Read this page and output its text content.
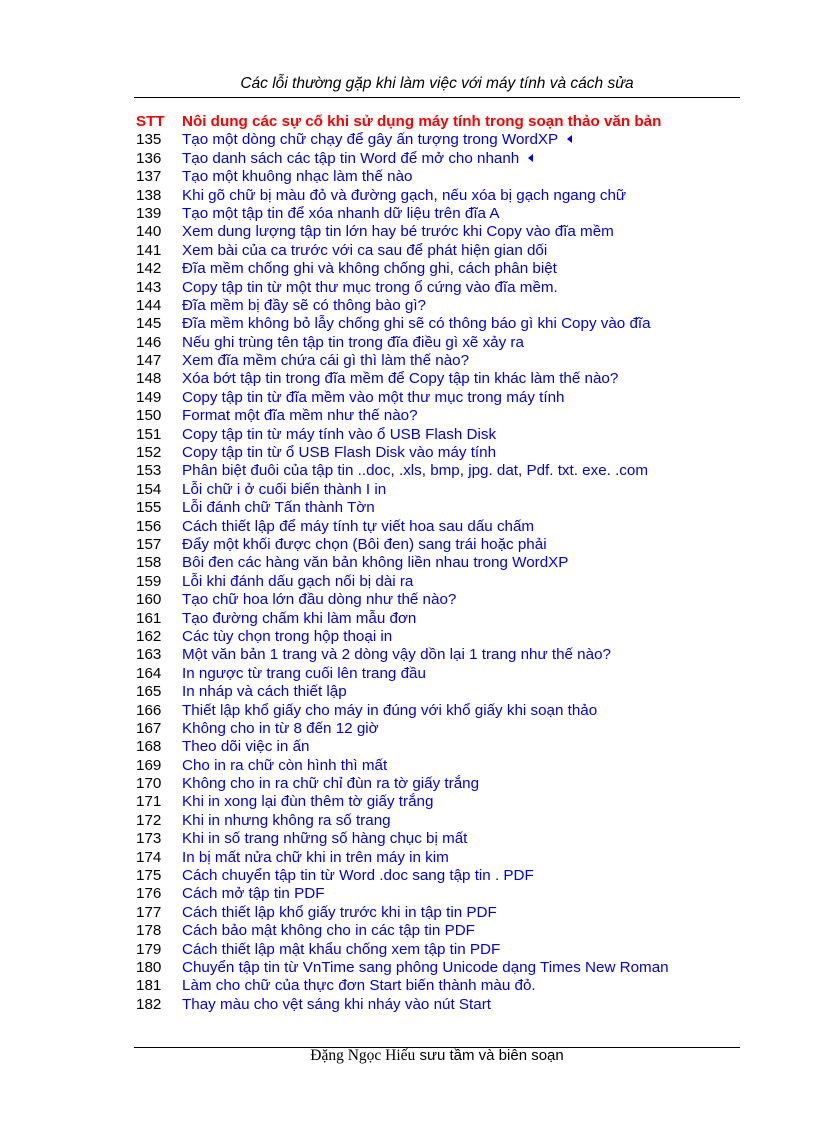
Các lỗi thường gặp khi làm việc với máy tính và cách sửa
STT	Nôi dung các sự cố khi sử dụng máy tính trong soạn thảo văn bản
135	Tạo một dòng chữ chạy để gây ấn tượng trong WordXP
136	Tạo danh sách các tập tin Word để mở cho nhanh
137	Tạo một khuông nhạc làm thế nào
138	Khi gõ chữ bị màu đỏ và đường gạch, nếu xóa bị gạch ngang chữ
139	Tạo một tập tin để xóa nhanh dữ liệu trên đĩa A
140	Xem dung lượng tập tin lớn hay bé trước khi Copy vào đĩa mềm
141	Xem bài của ca trước với ca sau để phát hiện gian dối
142	Đĩa mềm chống ghi và không chống ghi, cách phân biệt
143	Copy tập tin từ một thư mục trong ổ cứng vào đĩa mềm.
144	Đĩa mềm bị đầy sẽ có thông bào gì?
145	Đĩa mềm không bỏ lẫy chống ghi sẽ có thông báo gì khi Copy vào đĩa
146	Nếu ghi trùng tên tập tin trong đĩa điều gì xẽ xảy ra
147	Xem đĩa mềm chứa cái gì thì làm thế nào?
148	Xóa bớt tập tin trong đĩa mềm để Copy tập tin khác làm thế nào?
149	Copy tập tin từ đĩa mềm vào một thư mục trong máy tính
150	Format một đĩa mềm như thế nào?
151	Copy tập tin từ máy tính vào ổ USB Flash Disk
152	Copy tập tin từ ổ USB Flash Disk vào máy tính
153	Phân biệt đuôi của tập tin ..doc, .xls, bmp, jpg. dat, Pdf. txt. exe. .com
154	Lỗi chữ i ở cuối biến thành I in
155	Lỗi đánh chữ Tấn thành Tờn
156	Cách thiết lập để máy tính tự viết hoa sau dấu chấm
157	Đẩy một khối được chọn (Bôi đen) sang trái hoặc phải
158	Bôi đen các hàng văn bản không liền nhau trong WordXP
159	Lỗi khi đánh dấu gạch nối bị dài ra
160	Tạo chữ hoa lớn đầu dòng như thế nào?
161	Tạo đường chấm khi làm mẫu đơn
162	Các tùy chọn trong hộp thoại in
163	Một văn bản 1 trang và 2 dòng vậy dồn lại 1 trang như thế nào?
164	In ngược từ trang cuối lên trang đầu
165	In nháp và cách thiết lập
166	Thiết lập khổ giấy cho máy in đúng với khổ giấy khi soạn thảo
167	Không cho in từ 8 đến 12 giờ
168	Theo dõi việc in ấn
169	Cho in ra chữ còn hình thì mất
170	Không cho in ra chữ chỉ đùn ra tờ giấy trắng
171	Khi in xong lại đùn thêm tờ giấy trắng
172	Khi in nhưng không ra số trang
173	Khi in số trang những số hàng chục bị mất
174	In bị mất nửa chữ khi in trên máy in kim
175	Cách chuyển tập tin từ Word .doc sang tập tin . PDF
176	Cách mở tập tin PDF
177	Cách thiết lập khổ giấy trước khi in tập tin PDF
178	Cách bảo mật không cho in các tập tin PDF
179	Cách thiết lập mật khẩu chống xem tập tin PDF
180	Chuyển tập tin từ VnTime sang phông Unicode dạng Times New Roman
181	Làm cho chữ của thực đơn Start biến thành màu đỏ.
182	Thay màu cho vệt sáng khi nháy vào nút Start
Đặng Ngọc Hiếu sưu tầm và biên soạn
